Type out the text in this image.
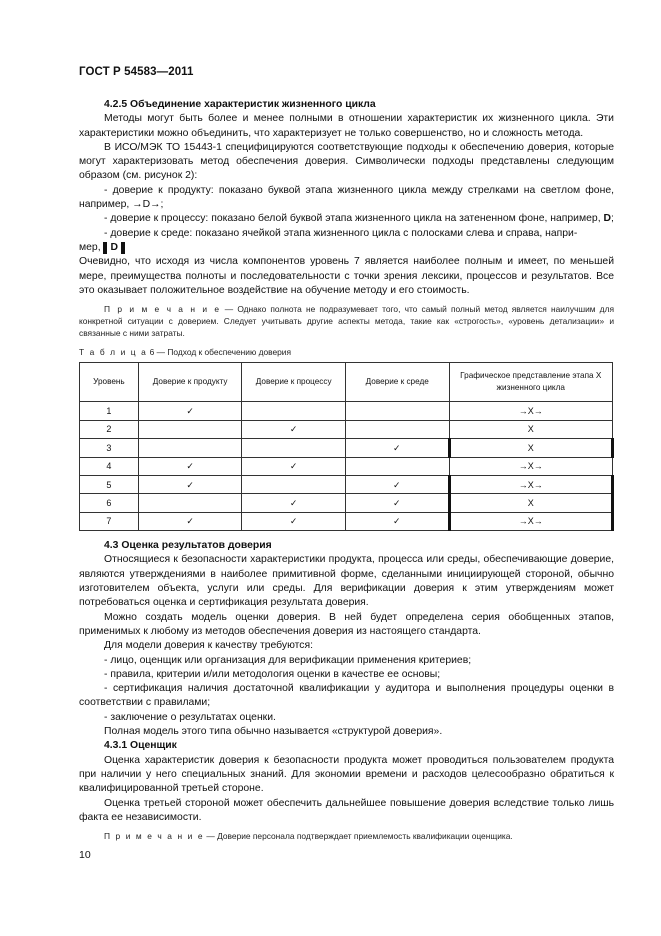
ГОСТ Р 54583—2011

4.2.5 Объединение характеристик жизненного цикла

Методы могут быть более и менее полными в отношении характеристик их жизненного цикла. Эти характеристики можно объединить, что характеризует не только совершенство, но и сложность метода.

В ИСО/МЭК ТО 15443-1 специфицируются соответствующие подходы к обеспечению доверия, которые могут характеризовать метод обеспечения доверия. Символически подходы представлены следующим образом (см. рисунок 2):

- доверие к продукту: показано буквой этапа жизненного цикла между стрелками на светлом фоне, например, →D→;

- доверие к процессу: показано белой буквой этапа жизненного цикла на затененном фоне, например, D;

- доверие к среде: показано ячейкой этапа жизненного цикла с полосками слева и справа, напри-

мер, D

Очевидно, что исходя из числа компонентов уровень 7 является наиболее полным и имеет, по меньшей мере, преимущества полноты и последовательности с точки зрения лексики, процессов и результатов. Все это оказывает положительное воздействие на обучение методу и его стоимость.

П р и м е ч а н и е — Однако полнота не подразумевает того, что самый полный метод является наилучшим для конкретной ситуации с доверием. Следует учитывать другие аспекты метода, такие как «строгость», «уровень детализации» и связанные с ними затраты.

Т а б л и ц а 6 — Подход к обеспечению доверия

Уровень	Доверие к продукту	Доверие к процессу	Доверие к среде	Графическое представление этапа X жизненного цикла
1	✓			→X→
2		✓		X
3			✓	X
4	✓	✓		→X→
5	✓		✓	→X→
6		✓	✓	X
7	✓	✓	✓	→X→

4.3 Оценка результатов доверия

Относящиеся к безопасности характеристики продукта, процесса или среды, обеспечивающие доверие, являются утверждениями в наиболее примитивной форме, сделанными инициирующей стороной, обычно изготовителем объекта, услуги или среды. Для верификации доверия к этим утверждениям может потребоваться оценка и сертификация результата доверия.

Можно создать модель оценки доверия. В ней будет определена серия обобщенных этапов, применимых к любому из методов обеспечения доверия из настоящего стандарта.

Для модели доверия к качеству требуются:

- лицо, оценщик или организация для верификации применения критериев;

- правила, критерии и/или методология оценки в качестве ее основы;

- сертификация наличия достаточной квалификации у аудитора и выполнения процедуры оценки в соответствии с правилами;

- заключение о результатах оценки.

Полная модель этого типа обычно называется «структурой доверия».

4.3.1 Оценщик

Оценка характеристик доверия к безопасности продукта может проводиться пользователем продукта при наличии у него специальных знаний. Для экономии времени и расходов целесообразно обратиться к квалифицированной третьей стороне.

Оценка третьей стороной может обеспечить дальнейшее повышение доверия вследствие только лишь факта ее независимости.

П р и м е ч а н и е — Доверие персонала подтверждает приемлемость квалификации оценщика.

10
